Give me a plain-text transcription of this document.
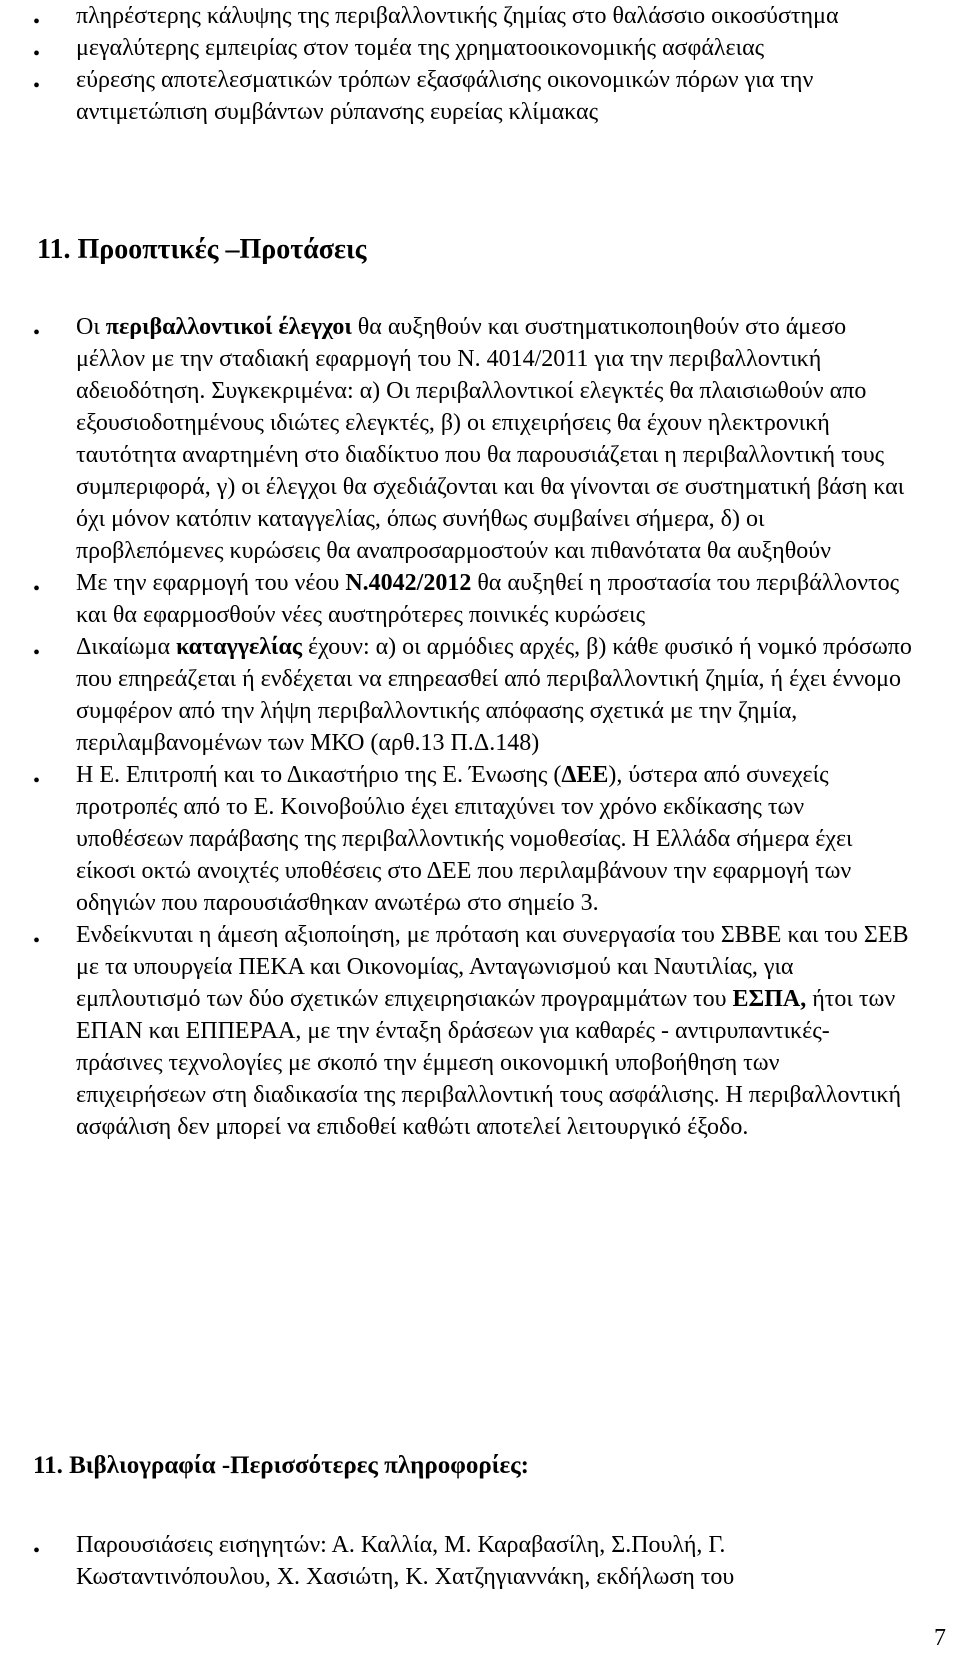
• πληρέστερης κάλυψης της περιβαλλοντικής ζημίας στο θαλάσσιο οικοσύστημα
• μεγαλύτερης εμπειρίας στον τομέα της χρηματοοικονομικής ασφάλειας
• εύρεσης αποτελεσματικών τρόπων εξασφάλισης οικονομικών πόρων για την αντιμετώπιση συμβάντων ρύπανσης ευρείας κλίμακας
11. Προοπτικές –Προτάσεις
• Οι περιβαλλοντικοί έλεγχοι θα αυξηθούν και συστηματικοποιηθούν στο άμεσο μέλλον με την σταδιακή εφαρμογή του Ν. 4014/2011 για την περιβαλλοντική αδειοδότηση. Συγκεκριμένα: α) Οι περιβαλλοντικοί ελεγκτές θα πλαισιωθούν απο εξουσιοδοτημένους ιδιώτες ελεγκτές, β) οι επιχειρήσεις θα έχουν ηλεκτρονική ταυτότητα αναρτημένη στο διαδίκτυο που θα παρουσιάζεται η περιβαλλοντική τους συμπεριφορά, γ) οι έλεγχοι θα σχεδιάζονται και θα γίνονται σε συστηματική βάση και όχι μόνον κατόπιν καταγγελίας, όπως συνήθως συμβαίνει σήμερα, δ) οι προβλεπόμενες κυρώσεις θα αναπροσαρμοστούν και πιθανότατα θα αυξηθούν
• Με την εφαρμογή του νέου Ν.4042/2012 θα αυξηθεί η προστασία του περιβάλλοντος και θα εφαρμοσθούν νέες αυστηρότερες ποινικές κυρώσεις
• Δικαίωμα καταγγελίας έχουν: α) οι αρμόδιες αρχές, β) κάθε φυσικό ή νομκό πρόσωπο που επηρεάζεται ή ενδέχεται να επηρεασθεί από περιβαλλοντική ζημία, ή έχει έννομο συμφέρον από την λήψη περιβαλλοντικής απόφασης σχετικά με την ζημία, περιλαμβανομένων των ΜΚΟ (αρθ.13 Π.Δ.148)
• Η Ε. Επιτροπή και το Δικαστήριο της Ε. Ένωσης (ΔΕΕ), ύστερα από συνεχείς προτροπές από το Ε. Κοινοβούλιο έχει επιταχύνει τον χρόνο εκδίκασης των υποθέσεων παράβασης της περιβαλλοντικής νομοθεσίας. Η Ελλάδα σήμερα έχει είκοσι οκτώ ανοιχτές υποθέσεις στο ΔΕΕ που περιλαμβάνουν την εφαρμογή των οδηγιών που παρουσιάσθηκαν ανωτέρω στο σημείο 3.
• Ενδείκνυται η άμεση αξιοποίηση, με πρόταση και συνεργασία του ΣΒΒΕ και του ΣΕΒ με τα υπουργεία ΠΕΚΑ και Οικονομίας, Ανταγωνισμού και Ναυτιλίας, για εμπλουτισμό των δύο σχετικών επιχειρησιακών προγραμμάτων του ΕΣΠΑ, ήτοι των ΕΠΑΝ και ΕΠΠΕΡΑΑ, με την ένταξη δράσεων για καθαρές - αντιρυπαντικές- πράσινες τεχνολογίες με σκοπό την έμμεση οικονομική υποβοήθηση των επιχειρήσεων στη διαδικασία της περιβαλλοντική τους ασφάλισης. Η περιβαλλοντική ασφάλιση δεν μπορεί να επιδοθεί καθώτι αποτελεί λειτουργικό έξοδο.
11. Βιβλιογραφία -Περισσότερες πληροφορίες:
• Παρουσιάσεις εισηγητών: Α. Καλλία, Μ. Καραβασίλη, Σ.Πουλή, Γ. Κωσταντινόπουλου, Χ. Χασιώτη, Κ. Χατζηγιαννάκη, εκδήλωση του
7
